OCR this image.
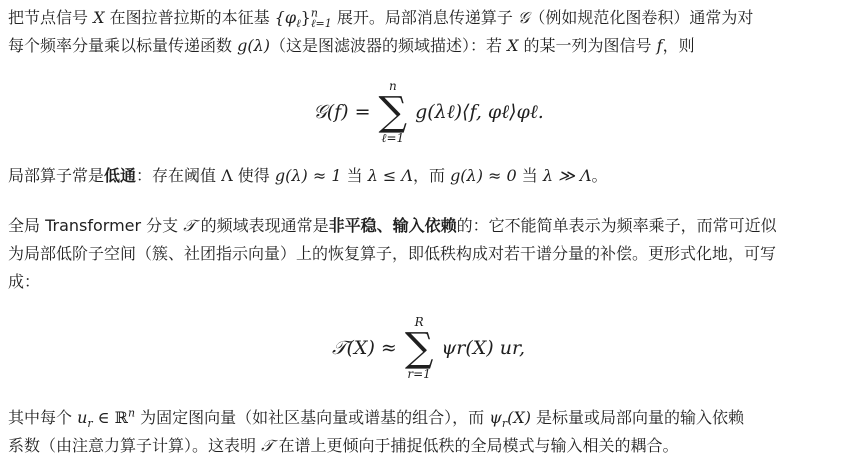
把节点信号 X 在图拉普拉斯的本征基 $\{\varphi_\ell\}^n_{\ell=1}$ 展开。局部消息传递算子 𝒢（例如规范化图卷积）通常为对
每个频率分量乘以标量传递函数 g(λ)（这是图滤波器的频域描述）：若 X 的某一列为图信号 f，则

𝒢(f) =
n
∑
ℓ=1
g(λℓ)⟨f, φℓ⟩φℓ.

局部算子常是低通：存在阈值 Λ 使得 g(λ) ≈ 1 当 λ ≤ Λ，而 g(λ) ≈ 0 当 λ ≫ Λ。

全局 Transformer 分支 𝒯 的频域表现通常是非平稳、输入依赖的：它不能简单表示为频率乘子，而常可近似
为局部低阶子空间（簇、社团指示向量）上的恢复算子，即低秩构成对若干谱分量的补偿。更形式化地，可写
成：

𝒯(X) ≈
R
∑
r=1
ψr(X) ur,

其中每个 $u_r$ ∈ ℝ$^n$ 为固定图向量（如社区基向量或谱基的组合），而 $\psi_r(X)$ 是标量或局部向量的输入依赖
系数（由注意力算子计算）。这表明 𝒯 在谱上更倾向于捕捉低秩的全局模式与输入相关的耦合。
